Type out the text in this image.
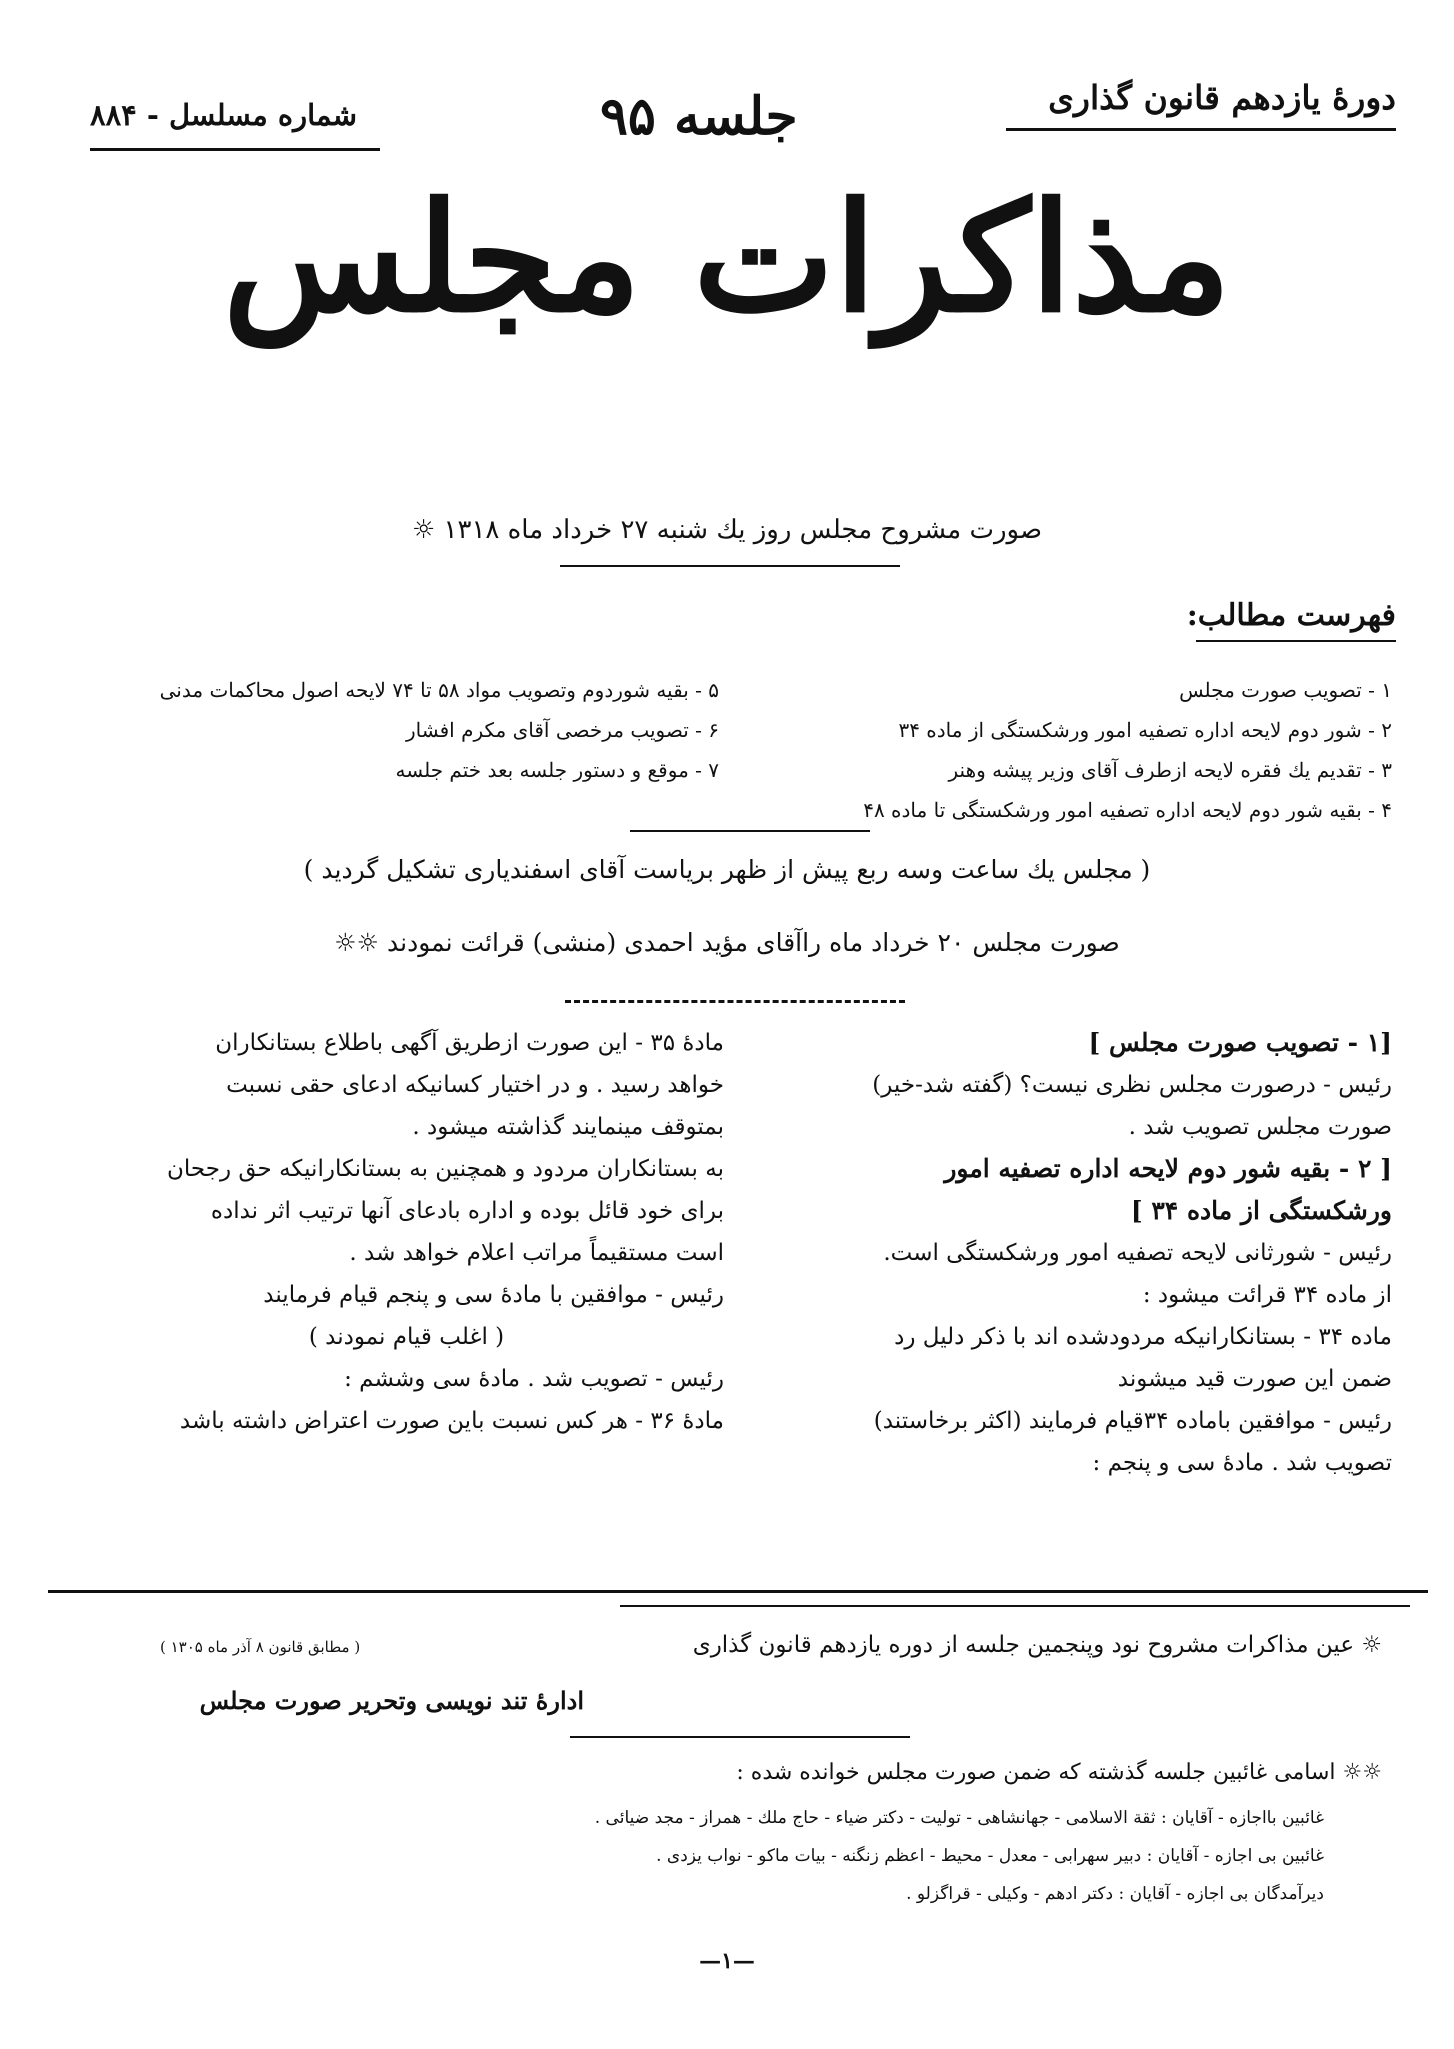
دورۀ یازدهم قانون گذاری
جلسه ۹۵
شماره مسلسل - ۸۸۴
مذاکرات مجلس
صورت مشروح مجلس روز یك شنبه ۲۷ خرداد ماه ۱۳۱۸ ☼
فهرست مطالب:
۱ - تصویب صورت مجلس
۲ - شور دوم لایحه اداره تصفیه امور ورشکستگی از ماده ۳۴
۳ - تقدیم یك فقره لایحه ازطرف آقای وزیر پیشه وهنر
۴ - بقیه شور دوم لایحه اداره تصفیه امور ورشکستگی تا ماده ۴۸
۵ - بقیه شوردوم وتصویب مواد ۵۸ تا ۷۴ لایحه اصول محاکمات مدنی
۶ - تصویب مرخصی آقای مکرم افشار
۷ - موقع و دستور جلسه بعد ختم جلسه
( مجلس یك ساعت وسه ربع پیش از ظهر بریاست آقای اسفندیاری تشکیل گردید )
صورت مجلس ۲۰ خرداد ماه راآقای مؤید احمدی (منشی) قرائت نمودند ☼☼
[۱ - تصویب صورت مجلس ]
رئیس - درصورت مجلس نظری نیست؟ (گفته شد-خیر)
صورت مجلس تصویب شد .
[ ۲ - بقیه شور دوم لایحه اداره تصفیه امور
ورشکستگی از ماده ۳۴ ]
رئیس - شورثانی لایحه تصفیه امور ورشکستگی است.
از ماده ۳۴ قرائت میشود :
ماده ۳۴ - بستانکارانیکه مردودشده اند با ذکر دلیل رد
ضمن این صورت قید میشوند
رئیس - موافقین باماده ۳۴قیام فرمایند (اکثر برخاستند)
تصویب شد . مادۀ سی و پنجم :
مادۀ ۳۵ - این صورت ازطریق آگهی باطلاع بستانکاران
خواهد رسید . و در اختیار کسانیکه ادعای حقی نسبت
بمتوقف مینمایند گذاشته میشود .
به بستانکاران مردود و همچنین به بستانکارانیکه حق رجحان
برای خود قائل بوده و اداره بادعای آنها ترتیب اثر نداده
است مستقیماً مراتب اعلام خواهد شد .
رئیس - موافقین با مادۀ سی و پنجم قیام فرمایند
( اغلب قیام نمودند )
رئیس - تصویب شد . مادۀ سی وششم :
مادۀ ۳۶ - هر کس نسبت باین صورت اعتراض داشته باشد
☼ عین مذاکرات مشروح نود وپنجمین جلسه از دوره یازدهم قانون گذاری
( مطابق قانون ۸ آذر ماه ۱۳۰۵ )
ادارۀ تند نویسی وتحریر صورت مجلس
☼☼ اسامی غائبین جلسه گذشته که ضمن صورت مجلس خوانده شده :
غائبین بااجازه - آقایان : ثقة الاسلامی - جهانشاهی - تولیت - دکتر ضیاء - حاج ملك - همراز - مجد ضیائی .
غائبین بی اجازه - آقایان : دبیر سهرابی - معدل - محیط - اعظم زنگنه - بیات ماکو - نواب یزدی .
دیرآمدگان بی اجازه - آقایان : دکتر ادهم - وکیلی - قراگزلو .
—۱—
